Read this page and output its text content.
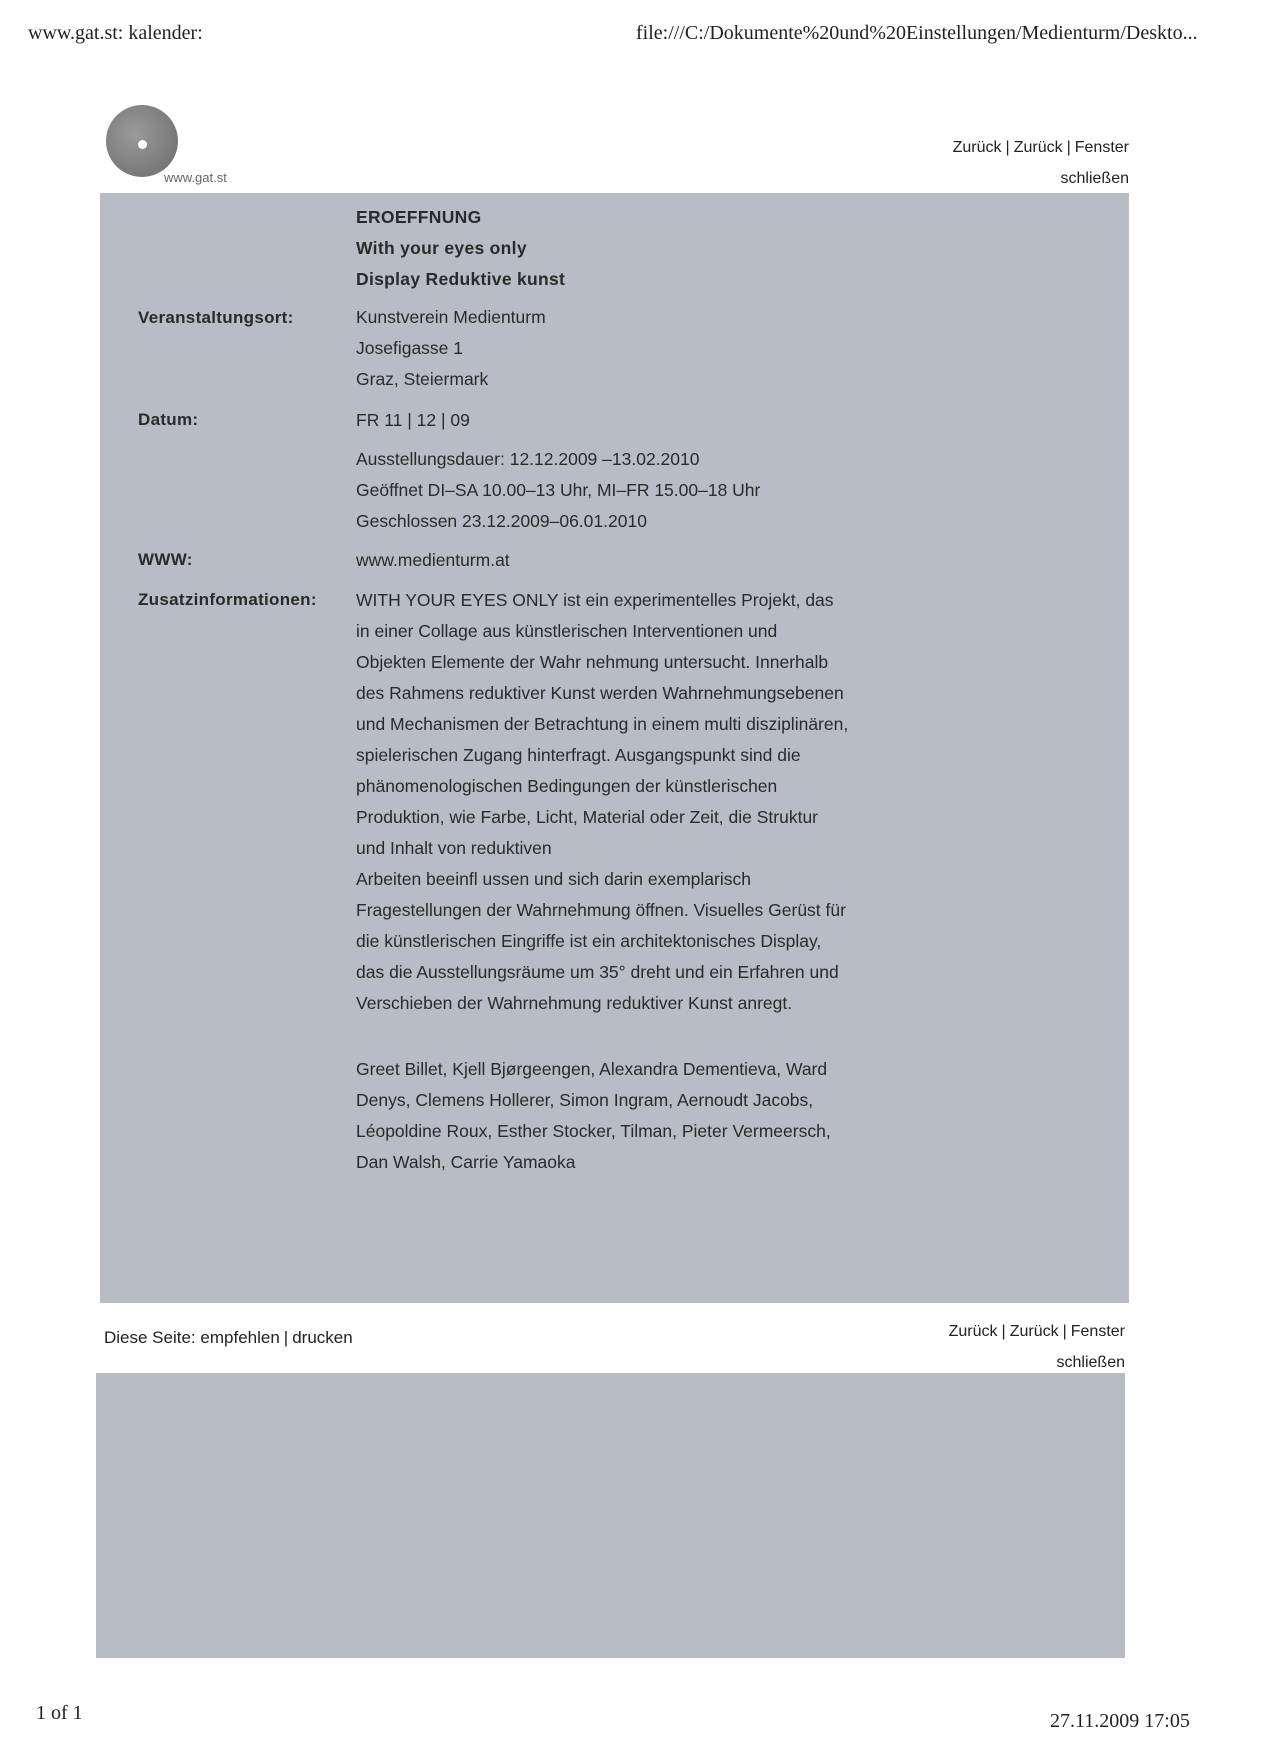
www.gat.st: kalender:	file:///C:/Dokumente%20und%20Einstellungen/Medienturm/Deskto...
www.gat.st
Zurück | Zurück | Fenster
schließen
EROEFFNUNG
With your eyes only
Display Reduktive kunst
Veranstaltungsort:	Kunstverein Medienturm
Josefigasse 1
Graz, Steiermark
Datum:	FR 11 | 12 | 09
Ausstellungsdauer: 12.12.2009 –13.02.2010
Geöffnet DI–SA 10.00–13 Uhr, MI–FR 15.00–18 Uhr
Geschlossen 23.12.2009–06.01.2010
WWW:	www.medienturm.at
Zusatzinformationen: WITH YOUR EYES ONLY ist ein experimentelles Projekt, das
in einer Collage aus künstlerischen Interventionen und
Objekten Elemente der Wahr nehmung untersucht. Innerhalb
des Rahmens reduktiver Kunst werden Wahrnehmungsebenen
und Mechanismen der Betrachtung in einem multi disziplinären,
spielerischen Zugang hinterfragt. Ausgangspunkt sind die
phänomenologischen Bedingungen der künstlerischen
Produktion, wie Farbe, Licht, Material oder Zeit, die Struktur
und Inhalt von reduktiven
Arbeiten beeinfl ussen und sich darin exemplarisch
Fragestellungen der Wahrnehmung öffnen. Visuelles Gerüst für
die künstlerischen Eingriffe ist ein architektonisches Display,
das die Ausstellungsräume um 35° dreht und ein Erfahren und
Verschieben der Wahrnehmung reduktiver Kunst anregt.
Greet Billet, Kjell Bjørgeengen, Alexandra Dementieva, Ward
Denys, Clemens Hollerer, Simon Ingram, Aernoudt Jacobs,
Léopoldine Roux, Esther Stocker, Tilman, Pieter Vermeersch,
Dan Walsh, Carrie Yamaoka
Diese Seite: empfehlen | drucken	Zurück | Zurück | Fenster
schließen
1 of 1	27.11.2009 17:05
